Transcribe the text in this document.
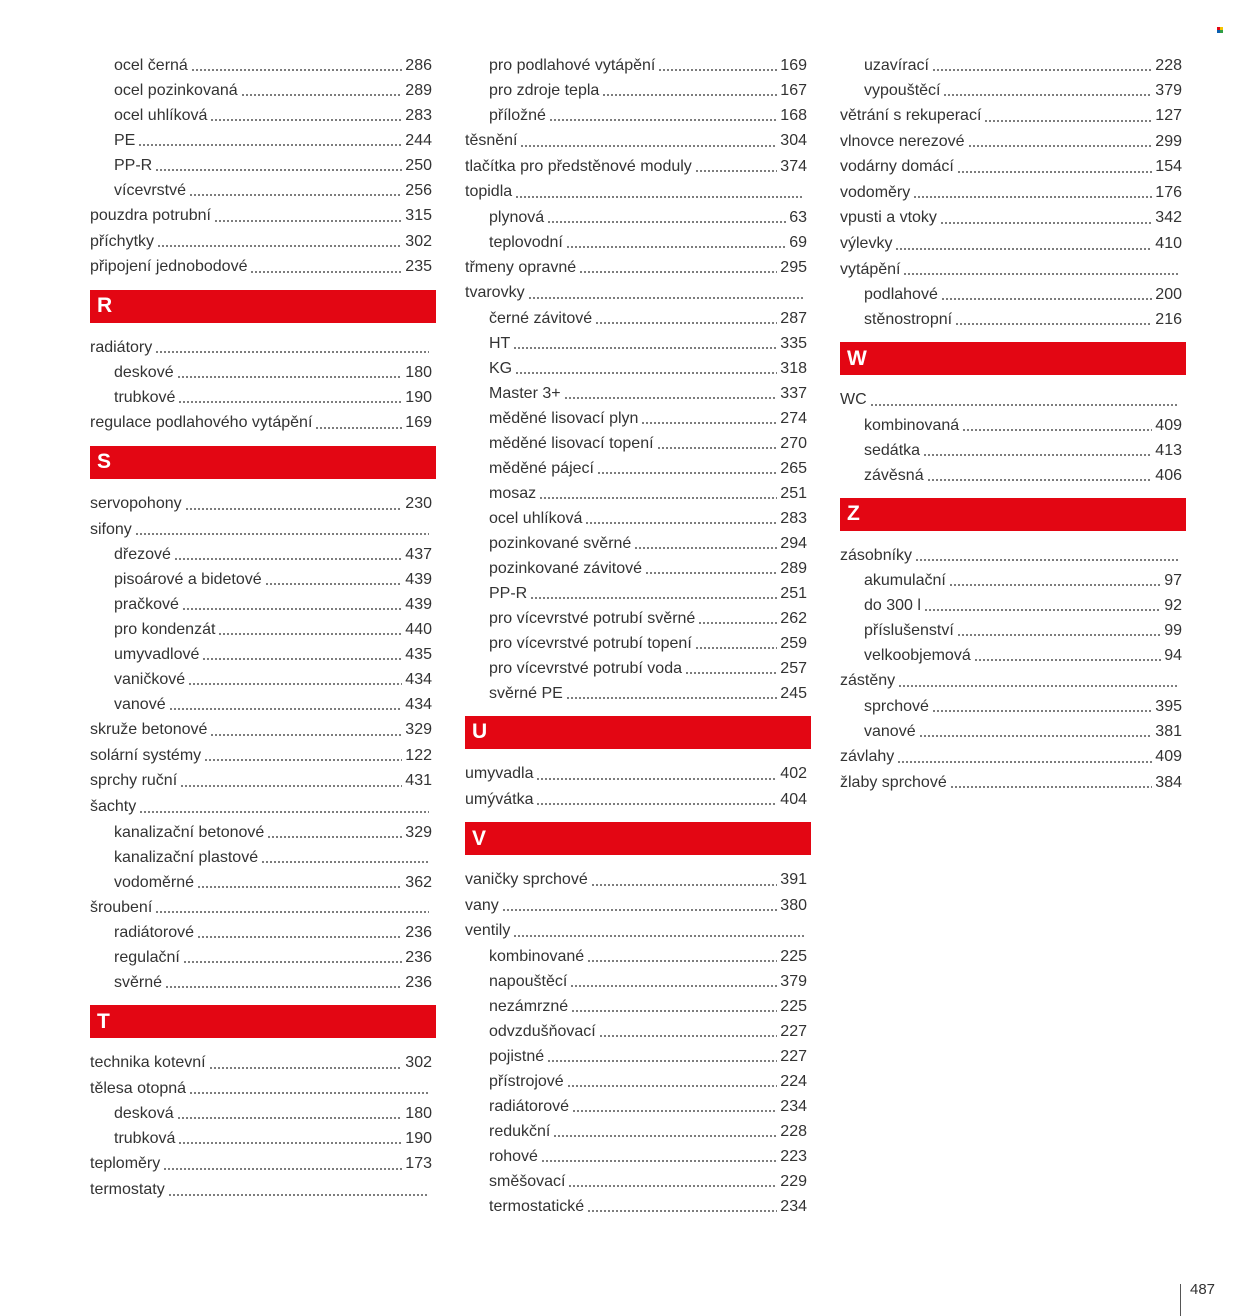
ocel černá	286
ocel pozinkovaná	289
ocel uhlíková	283
PE	244
PP-R	250
vícevrstvé	256
pouzdra potrubní	315
příchytky	302
připojení jednobodové	235
R
radiátory
deskové	180
trubkové	190
regulace podlahového vytápění	169
S
servopohony	230
sifony
dřezové	437
pisoárové a bidetové	439
pračkové	439
pro kondenzát	440
umyvadlové	435
vaničkové	434
vanové	434
skruže betonové	329
solární systémy	122
sprchy ruční	431
šachty
kanalizační betonové	329
kanalizační plastové
vodoměrné	362
šroubení
radiátorové	236
regulační	236
svěrné	236
T
technika kotevní	302
tělesa otopná
desková	180
trubková	190
teploměry	173
termostaty
pro podlahové vytápění	169
pro zdroje tepla	167
příložné	168
těsnění	304
tlačítka pro předstěnové moduly	374
topidla
plynová	63
teplovodní	69
třmeny opravné	295
tvarovky
černé závitové	287
HT	335
KG	318
Master 3+	337
měděné lisovací plyn	274
měděné lisovací topení	270
měděné pájecí	265
mosaz	251
ocel uhlíková	283
pozinkované svěrné	294
pozinkované závitové	289
PP-R	251
pro vícevrstvé potrubí svěrné	262
pro vícevrstvé potrubí topení	259
pro vícevrstvé potrubí voda	257
svěrné PE	245
U
umyvadla	402
umývátka	404
V
vaničky sprchové	391
vany	380
ventily
kombinované	225
napouštěcí	379
nezámrzné	225
odvzdušňovací	227
pojistné	227
přístrojové	224
radiátorové	234
redukční	228
rohové	223
směšovací	229
termostatické	234
uzavírací	228
vypouštěcí	379
větrání s rekuperací	127
vlnovce nerezové	299
vodárny domácí	154
vodoměry	176
vpusti a vtoky	342
výlevky	410
vytápění
podlahové	200
stěnostropní	216
W
WC
kombinovaná	409
sedátka	413
závěsná	406
Z
zásobníky
akumulační	97
do 300 l	92
příslušenství	99
velkoobjemová	94
zástěny
sprchové	395
vanové	381
závlahy	409
žlaby sprchové	384
487
